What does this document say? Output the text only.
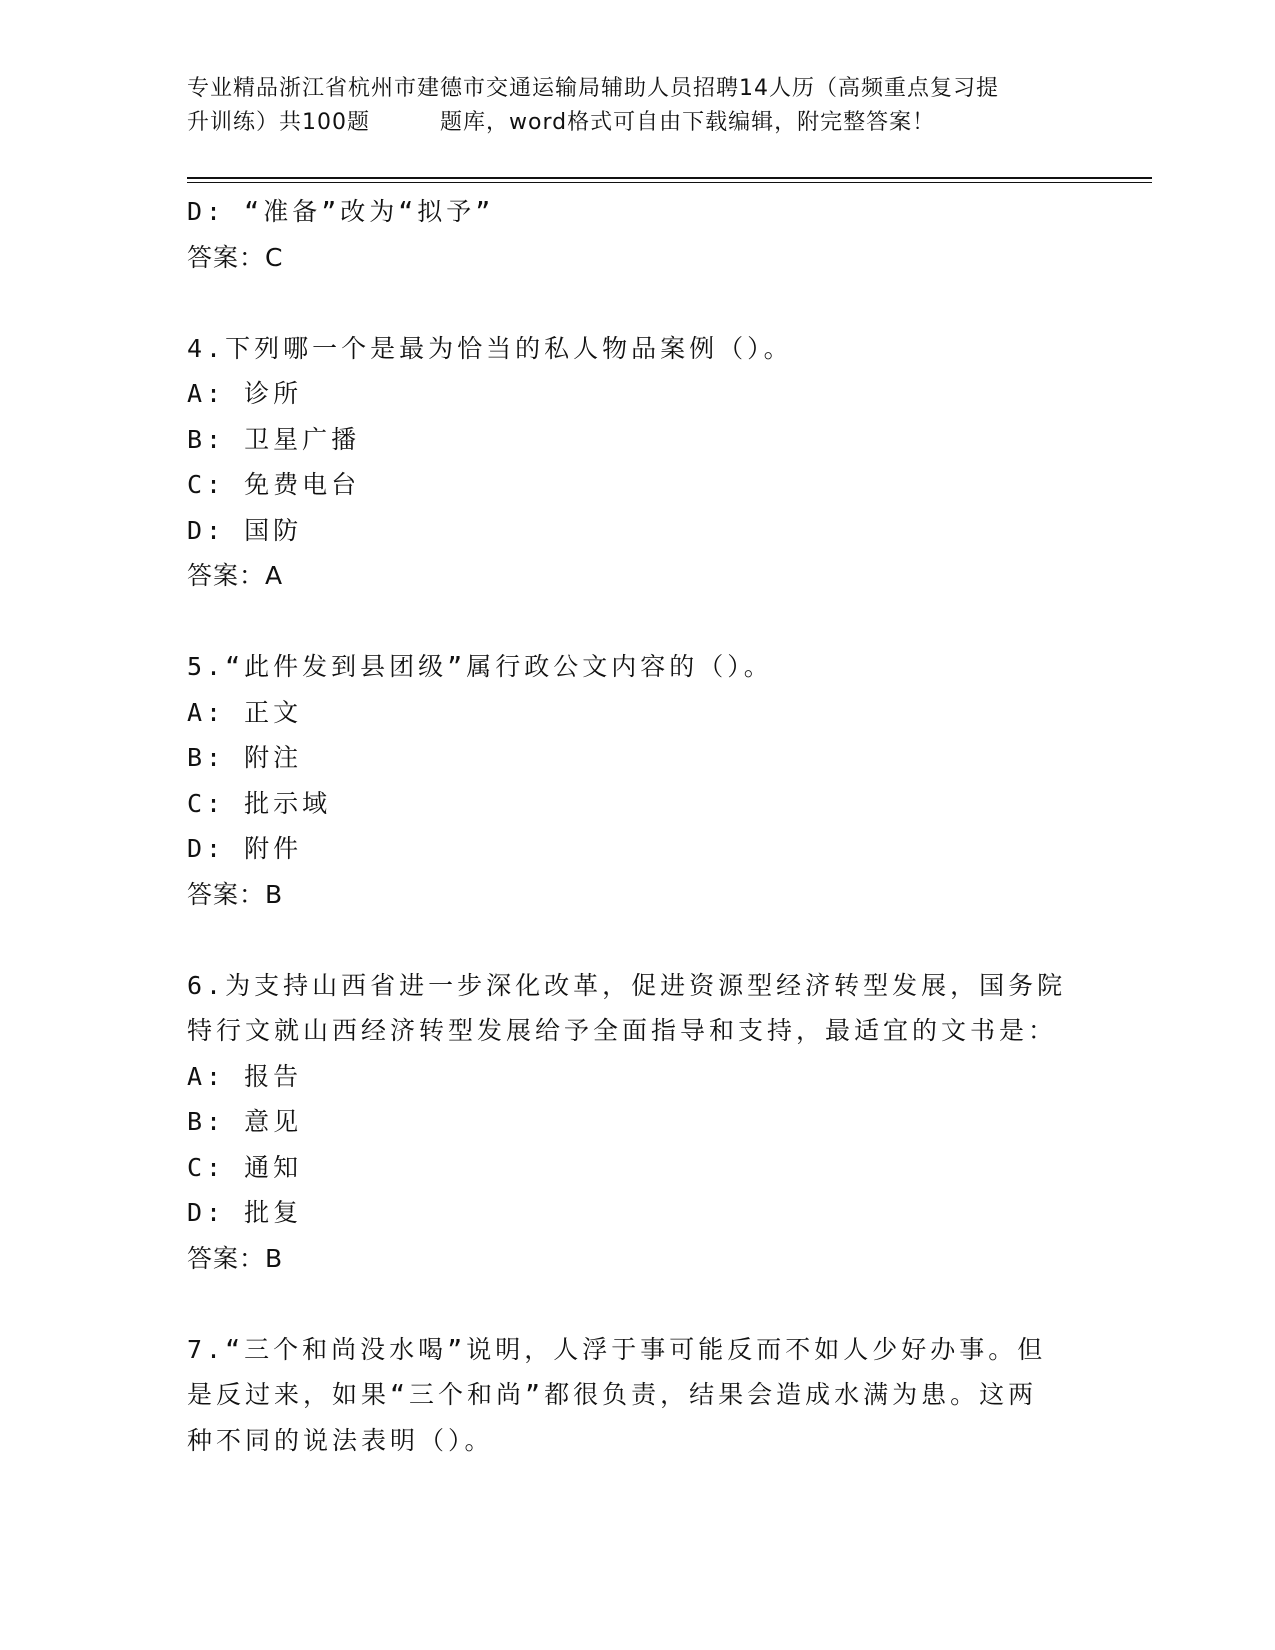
专业精品浙江省杭州市建德市交通运输局辅助人员招聘14人历（高频重点复习提
升训练）共100题	题库，word格式可自由下载编辑，附完整答案！
D: “准备”改为“拟予”
答案：C
4.下列哪一个是最为恰当的私人物品案例（）。
A: 诊所
B: 卫星广播
C: 免费电台
D: 国防
答案：A
5.“此件发到县团级”属行政公文内容的（）。
A: 正文
B: 附注
C: 批示域
D: 附件
答案：B
6.为支持山西省进一步深化改革，促进资源型经济转型发展，国务院
特行文就山西经济转型发展给予全面指导和支持，最适宜的文书是：
A: 报告
B: 意见
C: 通知
D: 批复
答案：B
7.“三个和尚没水喝”说明，人浮于事可能反而不如人少好办事。但
是反过来，如果“三个和尚”都很负责，结果会造成水满为患。这两
种不同的说法表明（）。
